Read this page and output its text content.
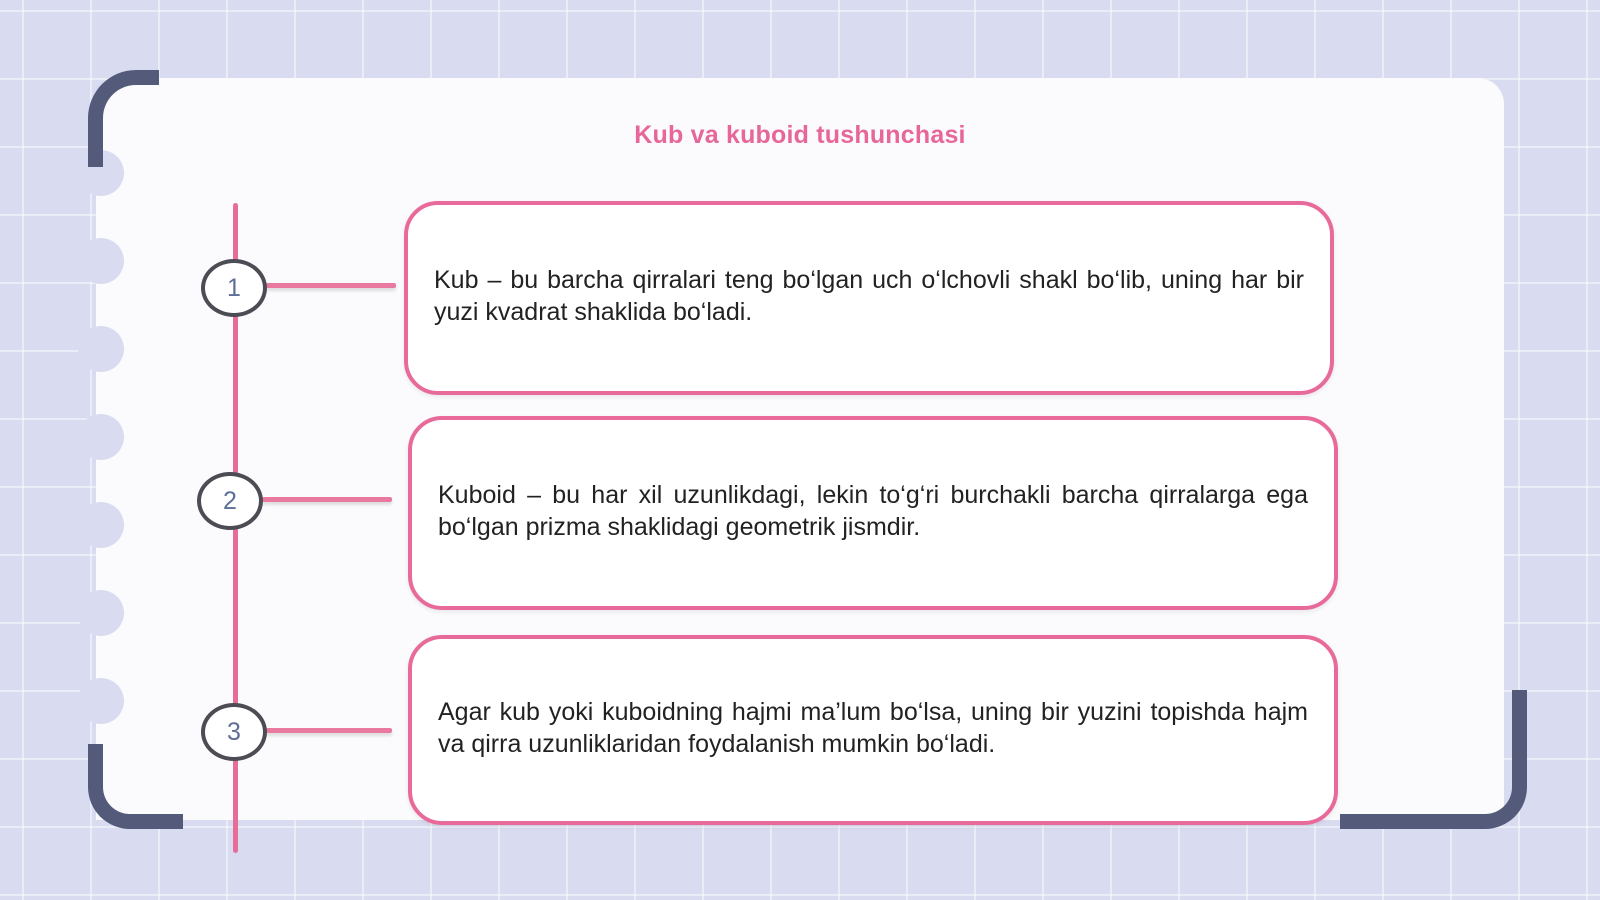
Kub va kuboid tushunchasi
1	Kub – bu barcha qirralari teng bo‘lgan uch o‘lchovli shakl bo‘lib, uning har bir yuzi kvadrat shaklida bo‘ladi.
2	Kuboid – bu har xil uzunlikdagi, lekin to‘g‘ri burchakli barcha qirralarga ega bo‘lgan prizma shaklidagi geometrik jismdir.
3
Agar kub yoki kuboidning hajmi ma’lum bo‘lsa, uning bir yuzini topishda hajm va qirra uzunliklaridan foydalanish mumkin bo‘ladi.
